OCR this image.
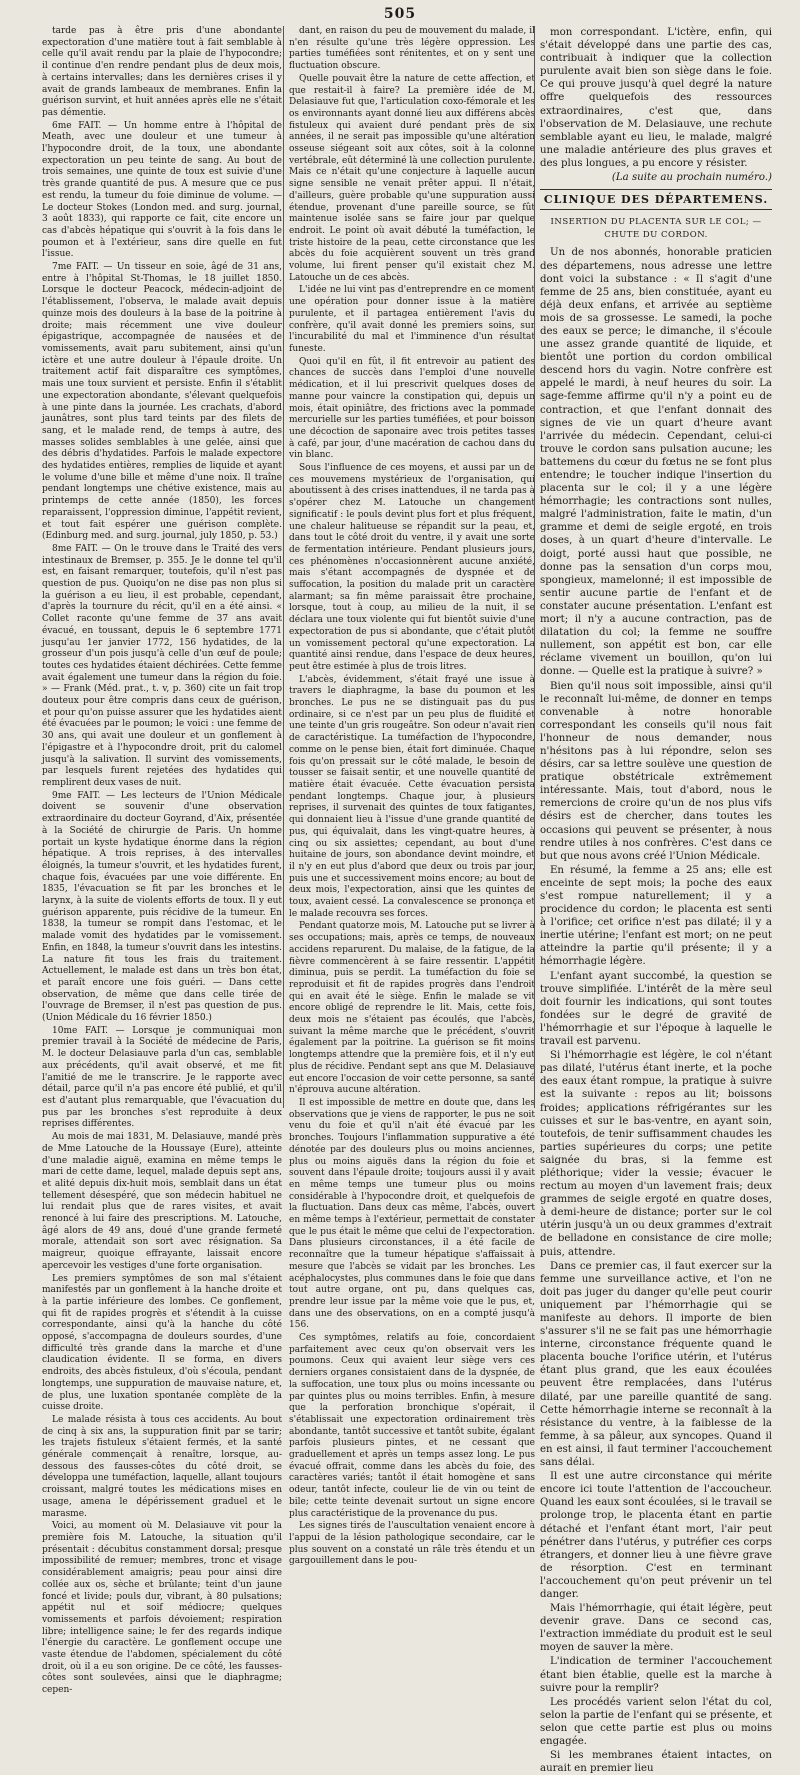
505

tarde pas à être pris d'une abondante expectoration d'une matière tout à fait semblable à celle qu'il avait rendu par la plaie de l'hypocondre; il continue d'en rendre pendant plus de deux mois, à certains intervalles; dans les dernières crises il y avait de grands lambeaux de membranes. Enfin la guérison survint, et huit années après elle ne s'était pas démentie.

6me FAIT. — Un homme entre à l'hôpital de Meath, avec une douleur et une tumeur à l'hypocondre droit, de la toux, une abondante expectoration un peu teinte de sang. Au bout de trois semaines, une quinte de toux est suivie d'une très grande quantité de pus. A mesure que ce pus est rendu, la tumeur du foie diminue de volume. — Le docteur Stokes (London med. and surg. journal, 3 août 1833), qui rapporte ce fait, cite encore un cas d'abcès hépatique qui s'ouvrit à la fois dans le poumon et à l'extérieur, sans dire quelle en fut l'issue.

7me FAIT. — Un tisseur en soie, âgé de 31 ans, entre à l'hôpital St-Thomas, le 18 juillet 1850. Lorsque le docteur Peacock, médecin-adjoint de l'établissement, l'observa, le malade avait depuis quinze mois des douleurs à la base de la poitrine à droite; mais récemment une vive douleur épigastrique, accompagnée de nausées et de vomissements, avait paru subitement, ainsi qu'un ictère et une autre douleur à l'épaule droite. Un traitement actif fait disparaître ces symptômes, mais une toux survient et persiste. Enfin il s'établit une expectoration abondante, s'élevant quelquefois à une pinte dans la journée. Les crachats, d'abord jaunâtres, sont plus tard teints par des filets de sang, et le malade rend, de temps à autre, des masses solides semblables à une gelée, ainsi que des débris d'hydatides. Parfois le malade expectore des hydatides entières, remplies de liquide et ayant le volume d'une bille et même d'une noix. Il traîne pendant longtemps une chétive existence, mais au printemps de cette année (1850), les forces reparaissent, l'oppression diminue, l'appétit revient, et tout fait espérer une guérison complète. (Edinburg med. and surg. journal, july 1850, p. 53.)

8me FAIT. — On le trouve dans le Traité des vers intestinaux de Bremser, p. 355. Je le donne tel qu'il est, en faisant remarquer, toutefois, qu'il n'est pas question de pus. Quoiqu'on ne dise pas non plus si la guérison a eu lieu, il est probable, cependant, d'après la tournure du récit, qu'il en a été ainsi. « Collet raconte qu'une femme de 37 ans avait évacué, en toussant, depuis le 6 septembre 1771 jusqu'au 1er janvier 1772, 156 hydatides, de la grosseur d'un pois jusqu'à celle d'un œuf de poule; toutes ces hydatides étaient déchirées. Cette femme avait également une tumeur dans la région du foie. » — Frank (Méd. prat., t. v, p. 360) cite un fait trop douteux pour être compris dans ceux de guérison, et pour qu'on puisse assurer que les hydatides aient été évacuées par le poumon; le voici : une femme de 30 ans, qui avait une douleur et un gonflement à l'épigastre et à l'hypocondre droit, prit du calomel jusqu'à la salivation. Il survint des vomissements, par lesquels furent rejetées des hydatides qui remplirent deux vases de nuit.

9me FAIT. — Les lecteurs de l'Union Médicale doivent se souvenir d'une observation extraordinaire du docteur Goyrand, d'Aix, présentée à la Société de chirurgie de Paris. Un homme portait un kyste hydatique énorme dans la région hépatique. A trois reprises, à des intervalles éloignés, la tumeur s'ouvrit, et les hydatides furent, chaque fois, évacuées par une voie différente. En 1835, l'évacuation se fit par les bronches et le larynx, à la suite de violents efforts de toux. Il y eut guérison apparente, puis récidive de la tumeur. En 1838, la tumeur se rompit dans l'estomac, et le malade vomit des hydatides par le vomissement. Enfin, en 1848, la tumeur s'ouvrit dans les intestins. La nature fit tous les frais du traitement. Actuellement, le malade est dans un très bon état, et paraît encore une fois guéri. — Dans cette observation, de même que dans celle tirée de l'ouvrage de Bremser, il n'est pas question de pus. (Union Médicale du 16 février 1850.)

10me FAIT. — Lorsque je communiquai mon premier travail à la Société de médecine de Paris, M. le docteur Delasiauve parla d'un cas, semblable aux précédents, qu'il avait observé, et me fit l'amitié de me le transcrire. Je le rapporte avec détail, parce qu'il n'a pas encore été publié, et qu'il est d'autant plus remarquable, que l'évacuation du pus par les bronches s'est reproduite à deux reprises différentes.

Au mois de mai 1831, M. Delasiauve, mandé près de Mme Latouche de la Houssaye (Eure), atteinte d'une maladie aiguë, examina en même temps le mari de cette dame, lequel, malade depuis sept ans, et alité depuis dix-huit mois, semblait dans un état tellement désespéré, que son médecin habituel ne lui rendait plus que de rares visites, et avait renoncé à lui faire des prescriptions. M. Latouche, âgé alors de 49 ans, doué d'une grande fermeté morale, attendait son sort avec résignation. Sa maigreur, quoique effrayante, laissait encore apercevoir les vestiges d'une forte organisation.

Les premiers symptômes de son mal s'étaient manifestés par un gonflement à la hanche droite et à la partie inférieure des lombes. Ce gonflement, qui fit de rapides progrès et s'étendit à la cuisse correspondante, ainsi qu'à la hanche du côté opposé, s'accompagna de douleurs sourdes, d'une difficulté très grande dans la marche et d'une claudication évidente. Il se forma, en divers endroits, des abcès fistuleux, d'où s'écoula, pendant longtemps, une suppuration de mauvaise nature, et, de plus, une luxation spontanée complète de la cuisse droite.

Le malade résista à tous ces accidents. Au bout de cinq à six ans, la suppuration finit par se tarir; les trajets fistuleux s'étaient fermés, et la santé générale commençait à renaître, lorsque, au-dessous des fausses-côtes du côté droit, se développa une tuméfaction, laquelle, allant toujours croissant, malgré toutes les médications mises en usage, amena le dépérissement graduel et le marasme.

Voici, au moment où M. Delasiauve vit pour la première fois M. Latouche, la situation qu'il présentait : décubitus constamment dorsal; presque impossibilité de remuer; membres, tronc et visage considérablement amaigris; peau pour ainsi dire collée aux os, sèche et brûlante; teint d'un jaune foncé et livide; pouls dur, vibrant, à 80 pulsations; appétit nul et soif médiocre; quelques vomissements et parfois dévoiement; respiration libre; intelligence saine; le fer des regards indique l'énergie du caractère. Le gonflement occupe une vaste étendue de l'abdomen, spécialement du côté droit, où il a eu son origine. De ce côté, les fausses-côtes sont soulevées, ainsi que le diaphragme; cepen-

dant, en raison du peu de mouvement du malade, il n'en résulte qu'une très légère oppression. Les parties tuméfiées sont rénitentes, et on y sent une fluctuation obscure.

Quelle pouvait être la nature de cette affection, et que restait-il à faire? La première idée de M. Delasiauve fut que, l'articulation coxo-fémorale et les os environnants ayant donné lieu aux différens abcès fistuleux qui avaient duré pendant près de six années, il ne serait pas impossible qu'une altération osseuse siégeant soit aux côtes, soit à la colonne vertébrale, eût déterminé là une collection purulente. Mais ce n'était qu'une conjecture à laquelle aucun signe sensible ne venait prêter appui. Il n'était, d'ailleurs, guère probable qu'une suppuration aussi étendue, provenant d'une pareille source, se fût maintenue isolée sans se faire jour par quelque endroit. Le point où avait débuté la tuméfaction, le triste histoire de la peau, cette circonstance que les abcès du foie acquièrent souvent un très grand volume, lui firent penser qu'il existait chez M. Latouche un de ces abcès.

L'idée ne lui vint pas d'entreprendre en ce moment une opération pour donner issue à la matière purulente, et il partagea entièrement l'avis du confrère, qu'il avait donné les premiers soins, sur l'incurabilité du mal et l'imminence d'un résultat funeste.

Quoi qu'il en fût, il fit entrevoir au patient des chances de succès dans l'emploi d'une nouvelle médication, et il lui prescrivit quelques doses de manne pour vaincre la constipation qui, depuis un mois, était opiniâtre, des frictions avec la pommade mercurielle sur les parties tuméfiées, et pour boisson une décoction de saponaire avec trois petites tasses à café, par jour, d'une macération de cachou dans du vin blanc.

Sous l'influence de ces moyens, et aussi par un de ces mouvemens mystérieux de l'organisation, qui aboutissent à des crises inattendues, il ne tarda pas à s'opérer chez M. Latouche un changement significatif : le pouls devint plus fort et plus fréquent, une chaleur halitueuse se répandit sur la peau, et, dans tout le côté droit du ventre, il y avait une sorte de fermentation intérieure. Pendant plusieurs jours, ces phénomènes n'occasionnèrent aucune anxiété, mais s'étant accompagnés de dyspnée et de suffocation, la position du malade prit un caractère alarmant; sa fin même paraissait être prochaine, lorsque, tout à coup, au milieu de la nuit, il se déclara une toux violente qui fut bientôt suivie d'une expectoration de pus si abondante, que c'était plutôt un vomissement pectoral qu'une expectoration. La quantité ainsi rendue, dans l'espace de deux heures, peut être estimée à plus de trois litres.

L'abcès, évidemment, s'était frayé une issue à travers le diaphragme, la base du poumon et les bronches. Le pus ne se distinguait pas du pus ordinaire, si ce n'est par un peu plus de fluidité et une teinte d'un gris rougeâtre. Son odeur n'avait rien de caractéristique. La tuméfaction de l'hypocondre, comme on le pense bien, était fort diminuée. Chaque fois qu'on pressait sur le côté malade, le besoin de tousser se faisait sentir, et une nouvelle quantité de matière était évacuée. Cette évacuation persista pendant longtemps. Chaque jour, à plusieurs reprises, il survenait des quintes de toux fatigantes, qui donnaient lieu à l'issue d'une grande quantité de pus, qui équivalait, dans les vingt-quatre heures, à cinq ou six assiettes; cependant, au bout d'une huitaine de jours, son abondance devint moindre, et il n'y en eut plus d'abord que deux ou trois par jour, puis une et successivement moins encore; au bout de deux mois, l'expectoration, ainsi que les quintes de toux, avaient cessé. La convalescence se prononça et le malade recouvra ses forces.

Pendant quatorze mois, M. Latouche put se livrer à ses occupations; mais, après ce temps, de nouveaux accidens reparurent. Du malaise, de la fatigue, de la fièvre commencèrent à se faire ressentir. L'appétit diminua, puis se perdit. La tuméfaction du foie se reproduisit et fit de rapides progrès dans l'endroit qui en avait été le siège. Enfin le malade se vit encore obligé de reprendre le lit. Mais, cette fois, deux mois ne s'étaient pas écoulés, que l'abcès, suivant la même marche que le précédent, s'ouvrit également par la poitrine. La guérison se fit moins longtemps attendre que la première fois, et il n'y eut plus de récidive. Pendant sept ans que M. Delasiauve eut encore l'occasion de voir cette personne, sa santé n'éprouva aucune altération.

Il est impossible de mettre en doute que, dans les observations que je viens de rapporter, le pus ne soit venu du foie et qu'il n'ait été évacué par les bronches. Toujours l'inflammation suppurative a été dénotée par des douleurs plus ou moins anciennes, plus ou moins aiguës dans la région du foie et souvent dans l'épaule droite; toujours aussi il y avait en même temps une tumeur plus ou moins considérable à l'hypocondre droit, et quelquefois de la fluctuation. Dans deux cas même, l'abcès, ouvert en même temps à l'extérieur, permettait de constater que le pus était le même que celui de l'expectoration. Dans plusieurs circonstances, il a été facile de reconnaître que la tumeur hépatique s'affaissait à mesure que l'abcès se vidait par les bronches. Les acéphalocystes, plus communes dans le foie que dans tout autre organe, ont pu, dans quelques cas, prendre leur issue par la même voie que le pus, et, dans une des observations, on en a compté jusqu'à 156.

Ces symptômes, relatifs au foie, concordaient parfaitement avec ceux qu'on observait vers les poumons. Ceux qui avaient leur siège vers ces derniers organes consistaient dans de la dyspnée, de la suffocation, une toux plus ou moins incessante ou par quintes plus ou moins terribles. Enfin, à mesure que la perforation bronchique s'opérait, il s'établissait une expectoration ordinairement très abondante, tantôt successive et tantôt subite, égalant parfois plusieurs pintes, et ne cessant que graduellement et après un temps assez long. Le pus évacué offrait, comme dans les abcès du foie, des caractères variés; tantôt il était homogène et sans odeur, tantôt infecte, couleur lie de vin ou teint de bile; cette teinte devenait surtout un signe encore plus caractéristique de la provenance du pus.

Les signes tirés de l'auscultation venaient encore à l'appui de la lésion pathologique secondaire, car le plus souvent on a constaté un râle très étendu et un gargouillement dans le pou-

mon correspondant. L'ictère, enfin, qui s'était développé dans une partie des cas, contribuait à indiquer que la collection purulente avait bien son siège dans le foie. Ce qui prouve jusqu'à quel degré la nature offre quelquefois des ressources extraordinaires, c'est que, dans l'observation de M. Delasiauve, une rechute semblable ayant eu lieu, le malade, malgré une maladie antérieure des plus graves et des plus longues, a pu encore y résister.

(La suite au prochain numéro.)

CLINIQUE DES DÉPARTEMENS.
INSERTION DU PLACENTA SUR LE COL; — CHUTE DU CORDON.

Un de nos abonnés, honorable praticien des départemens, nous adresse une lettre dont voici la substance : « Il s'agit d'une femme de 25 ans, bien constituée, ayant eu déjà deux enfans, et arrivée au septième mois de sa grossesse. Le samedi, la poche des eaux se perce; le dimanche, il s'écoule une assez grande quantité de liquide, et bientôt une portion du cordon ombilical descend hors du vagin. Notre confrère est appelé le mardi, à neuf heures du soir. La sage-femme affirme qu'il n'y a point eu de contraction, et que l'enfant donnait des signes de vie un quart d'heure avant l'arrivée du médecin. Cependant, celui-ci trouve le cordon sans pulsation aucune; les battemens du cœur du fœtus ne se font plus entendre; le toucher indique l'insertion du placenta sur le col; il y a une légère hémorrhagie; les contractions sont nulles, malgré l'administration, faite le matin, d'un gramme et demi de seigle ergoté, en trois doses, à un quart d'heure d'intervalle. Le doigt, porté aussi haut que possible, ne donne pas la sensation d'un corps mou, spongieux, mamelonné; il est impossible de sentir aucune partie de l'enfant et de constater aucune présentation. L'enfant est mort; il n'y a aucune contraction, pas de dilatation du col; la femme ne souffre nullement, son appétit est bon, car elle réclame vivement un bouillon, qu'on lui donne. — Quelle est la pratique à suivre? »

Bien qu'il nous soit impossible, ainsi qu'il le reconnaît lui-même, de donner en temps convenable à notre honorable correspondant les conseils qu'il nous fait l'honneur de nous demander, nous n'hésitons pas à lui répondre, selon ses désirs, car sa lettre soulève une question de pratique obstétricale extrêmement intéressante. Mais, tout d'abord, nous le remercions de croire qu'un de nos plus vifs désirs est de chercher, dans toutes les occasions qui peuvent se présenter, à nous rendre utiles à nos confrères. C'est dans ce but que nous avons créé l'Union Médicale.

En résumé, la femme a 25 ans; elle est enceinte de sept mois; la poche des eaux s'est rompue naturellement; il y a procidence du cordon; le placenta est senti à l'orifice; cet orifice n'est pas dilaté; il y a inertie utérine; l'enfant est mort; on ne peut atteindre la partie qu'il présente; il y a hémorrhagie légère.

L'enfant ayant succombé, la question se trouve simplifiée. L'intérêt de la mère seul doit fournir les indications, qui sont toutes fondées sur le degré de gravité de l'hémorrhagie et sur l'époque à laquelle le travail est parvenu.

Si l'hémorrhagie est légère, le col n'étant pas dilaté, l'utérus étant inerte, et la poche des eaux étant rompue, la pratique à suivre est la suivante : repos au lit; boissons froides; applications réfrigérantes sur les cuisses et sur le bas-ventre, en ayant soin, toutefois, de tenir suffisamment chaudes les parties supérieures du corps; une petite saignée du bras, si la femme est pléthorique; vider la vessie; évacuer le rectum au moyen d'un lavement frais; deux grammes de seigle ergoté en quatre doses, à demi-heure de distance; porter sur le col utérin jusqu'à un ou deux grammes d'extrait de belladone en consistance de cire molle; puis, attendre.

Dans ce premier cas, il faut exercer sur la femme une surveillance active, et l'on ne doit pas juger du danger qu'elle peut courir uniquement par l'hémorrhagie qui se manifeste au dehors. Il importe de bien s'assurer s'il ne se fait pas une hémorrhagie interne, circonstance fréquente quand le placenta bouche l'orifice utérin, et l'utérus étant plus grand, que les eaux écoulées peuvent être remplacées, dans l'utérus dilaté, par une pareille quantité de sang. Cette hémorrhagie interne se reconnaît à la résistance du ventre, à la faiblesse de la femme, à sa pâleur, aux syncopes. Quand il en est ainsi, il faut terminer l'accouchement sans délai.

Il est une autre circonstance qui mérite encore ici toute l'attention de l'accoucheur. Quand les eaux sont écoulées, si le travail se prolonge trop, le placenta étant en partie détaché et l'enfant étant mort, l'air peut pénétrer dans l'utérus, y putréfier ces corps étrangers, et donner lieu à une fièvre grave de résorption. C'est en terminant l'accouchement qu'on peut prévenir un tel danger.

Mais l'hémorrhagie, qui était légère, peut devenir grave. Dans ce second cas, l'extraction immédiate du produit est le seul moyen de sauver la mère.

L'indication de terminer l'accouchement étant bien établie, quelle est la marche à suivre pour la remplir?

Les procédés varient selon l'état du col, selon la partie de l'enfant qui se présente, et selon que cette partie est plus ou moins engagée.

Si les membranes étaient intactes, on aurait en premier lieu
